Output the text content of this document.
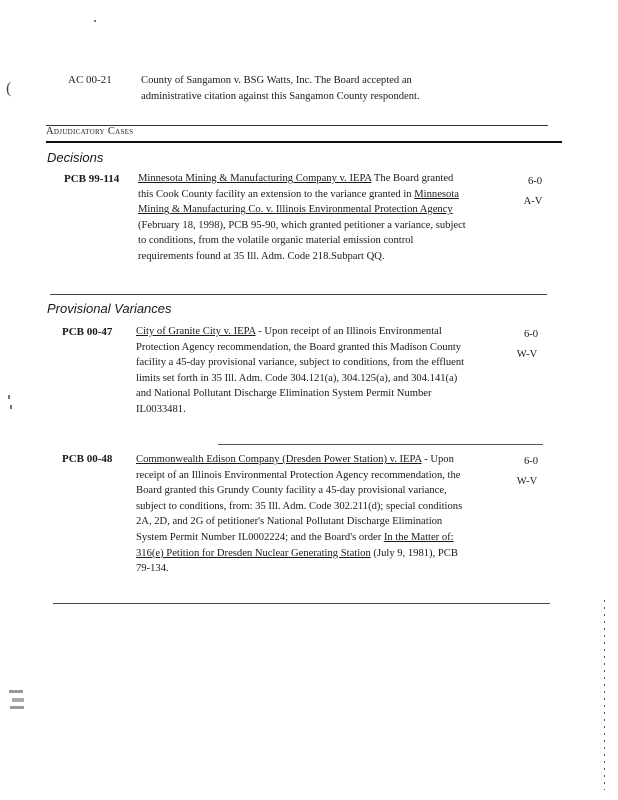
(	AC 00-21	County of Sangamon v. BSG Watts, Inc. The Board accepted an administrative citation against this Sangamon County respondent.
Adjudicatory Cases
Decisions
PCB 99-114 Minnesota Mining & Manufacturing Company v. IEPA The Board granted this Cook County facility an extension to the variance granted in Minnesota Mining & Manufacturing Co. v. Illinois Environmental Protection Agency (February 18, 1998), PCB 95-90, which granted petitioner a variance, subject to conditions, from the volatile organic material emission control requirements found at 35 Ill. Adm. Code 218.Subpart QQ.
6-0
A-V
Provisional Variances
PCB 00-47 City of Granite City v. IEPA - Upon receipt of an Illinois Environmental Protection Agency recommendation, the Board granted this Madison County facility a 45-day provisional variance, subject to conditions, from the effluent limits set forth in 35 Ill. Adm. Code 304.121(a), 304.125(a), and 304.141(a) and National Pollutant Discharge Elimination System Permit Number IL0033481.
6-0
W-V
PCB 00-48 Commonwealth Edison Company (Dresden Power Station) v. IEPA - Upon receipt of an Illinois Environmental Protection Agency recommendation, the Board granted this Grundy County facility a 45-day provisional variance, subject to conditions, from: 35 Ill. Adm. Code 302.211(d); special conditions 2A, 2D, and 2G of petitioner's National Pollutant Discharge Elimination System Permit Number IL0002224; and the Board's order In the Matter of: 316(e) Petition for Dresden Nuclear Generating Station (July 9, 1981), PCB 79-134.
6-0
W-V
